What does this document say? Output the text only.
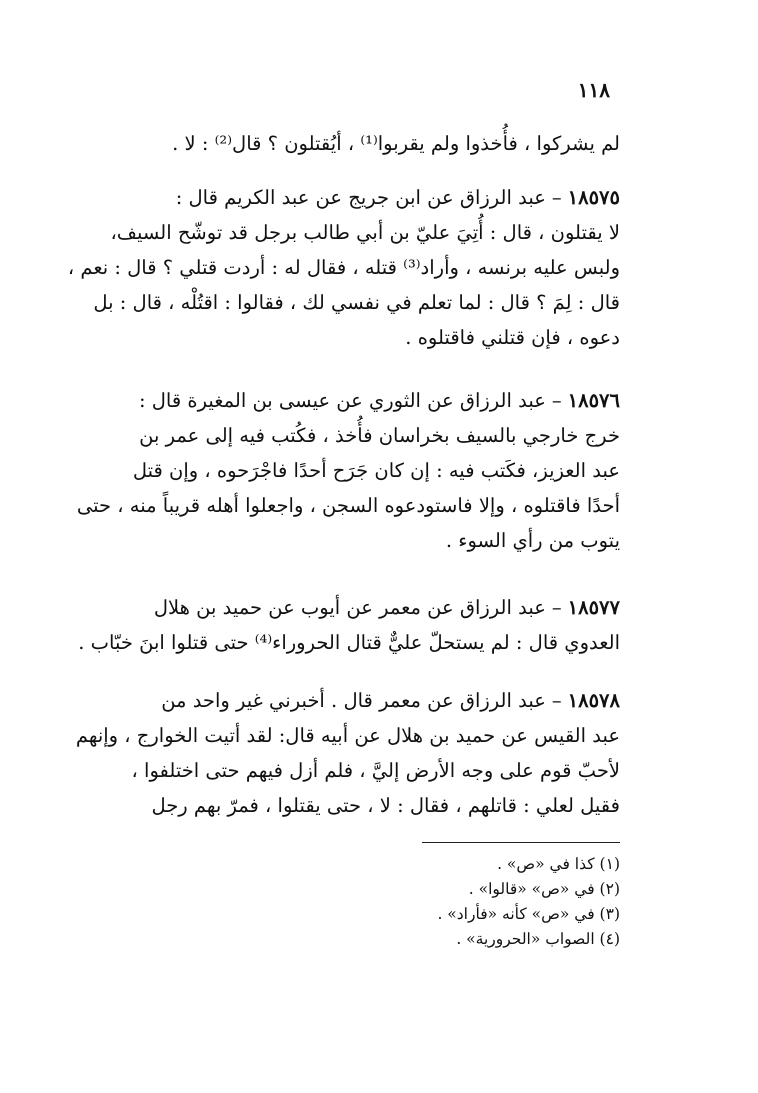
١١٨
لم يشركوا ، فأُخذوا ولم يقربوا⁽¹⁾ ، أيُقتلون ؟ قال⁽²⁾ : لا .
١٨٥٧٥–عبد الرزاق عن ابن جريج عن عبد الكريم قال :
لا يقتلون ، قال : أُتِيَ عليّ بن أبي طالب برجل قد توشّح السيف،
ولبس عليه برنسه ، وأراد⁽³⁾ قتله ، فقال له : أردت قتلي ؟ قال : نعم ،
قال : لِمَ ؟ قال : لما تعلم في نفسي لك ، فقالوا : اقتُلْه ، قال : بل
دعوه ، فإن قتلني فاقتلوه .
١٨٥٧٦–عبد الرزاق عن الثوري عن عيسى بن المغيرة قال :
خرج خارجي بالسيف بخراسان فأُخذ ، فكُتب فيه إلى عمر بن
عبد العزيز، فكَتب فيه : إن كان جَرَح أحدًا فاجْرَحوه ، وإن قتل
أحدًا فاقتلوه ، وإلا فاستودعوه السجن ، واجعلوا أهله قريباً منه ، حتى
يتوب من رأي السوء .
١٨٥٧٧–عبد الرزاق عن معمر عن أيوب عن حميد بن هلال
العدوي قال : لم يستحلّ عليٌّ قتال الحروراء⁽⁴⁾ حتى قتلوا ابنَ خبّاب .
١٨٥٧٨–عبد الرزاق عن معمر قال . أخبرني غير واحد من
عبد القيس عن حميد بن هلال عن أبيه قال: لقد أتيت الخوارج ، وإنهم
لأحبّ قوم على وجه الأرض إليَّ ، فلم أزل فيهم حتى اختلفوا ،
فقيل لعلي : قاتلهم ، فقال : لا ، حتى يقتلوا ، فمرّ بهم رجل
(١) كذا في «ص» .
(٢) في «ص» «قالوا» .
(٣) في «ص» كأنه «فأراد» .
(٤) الصواب «الحرورية» .
